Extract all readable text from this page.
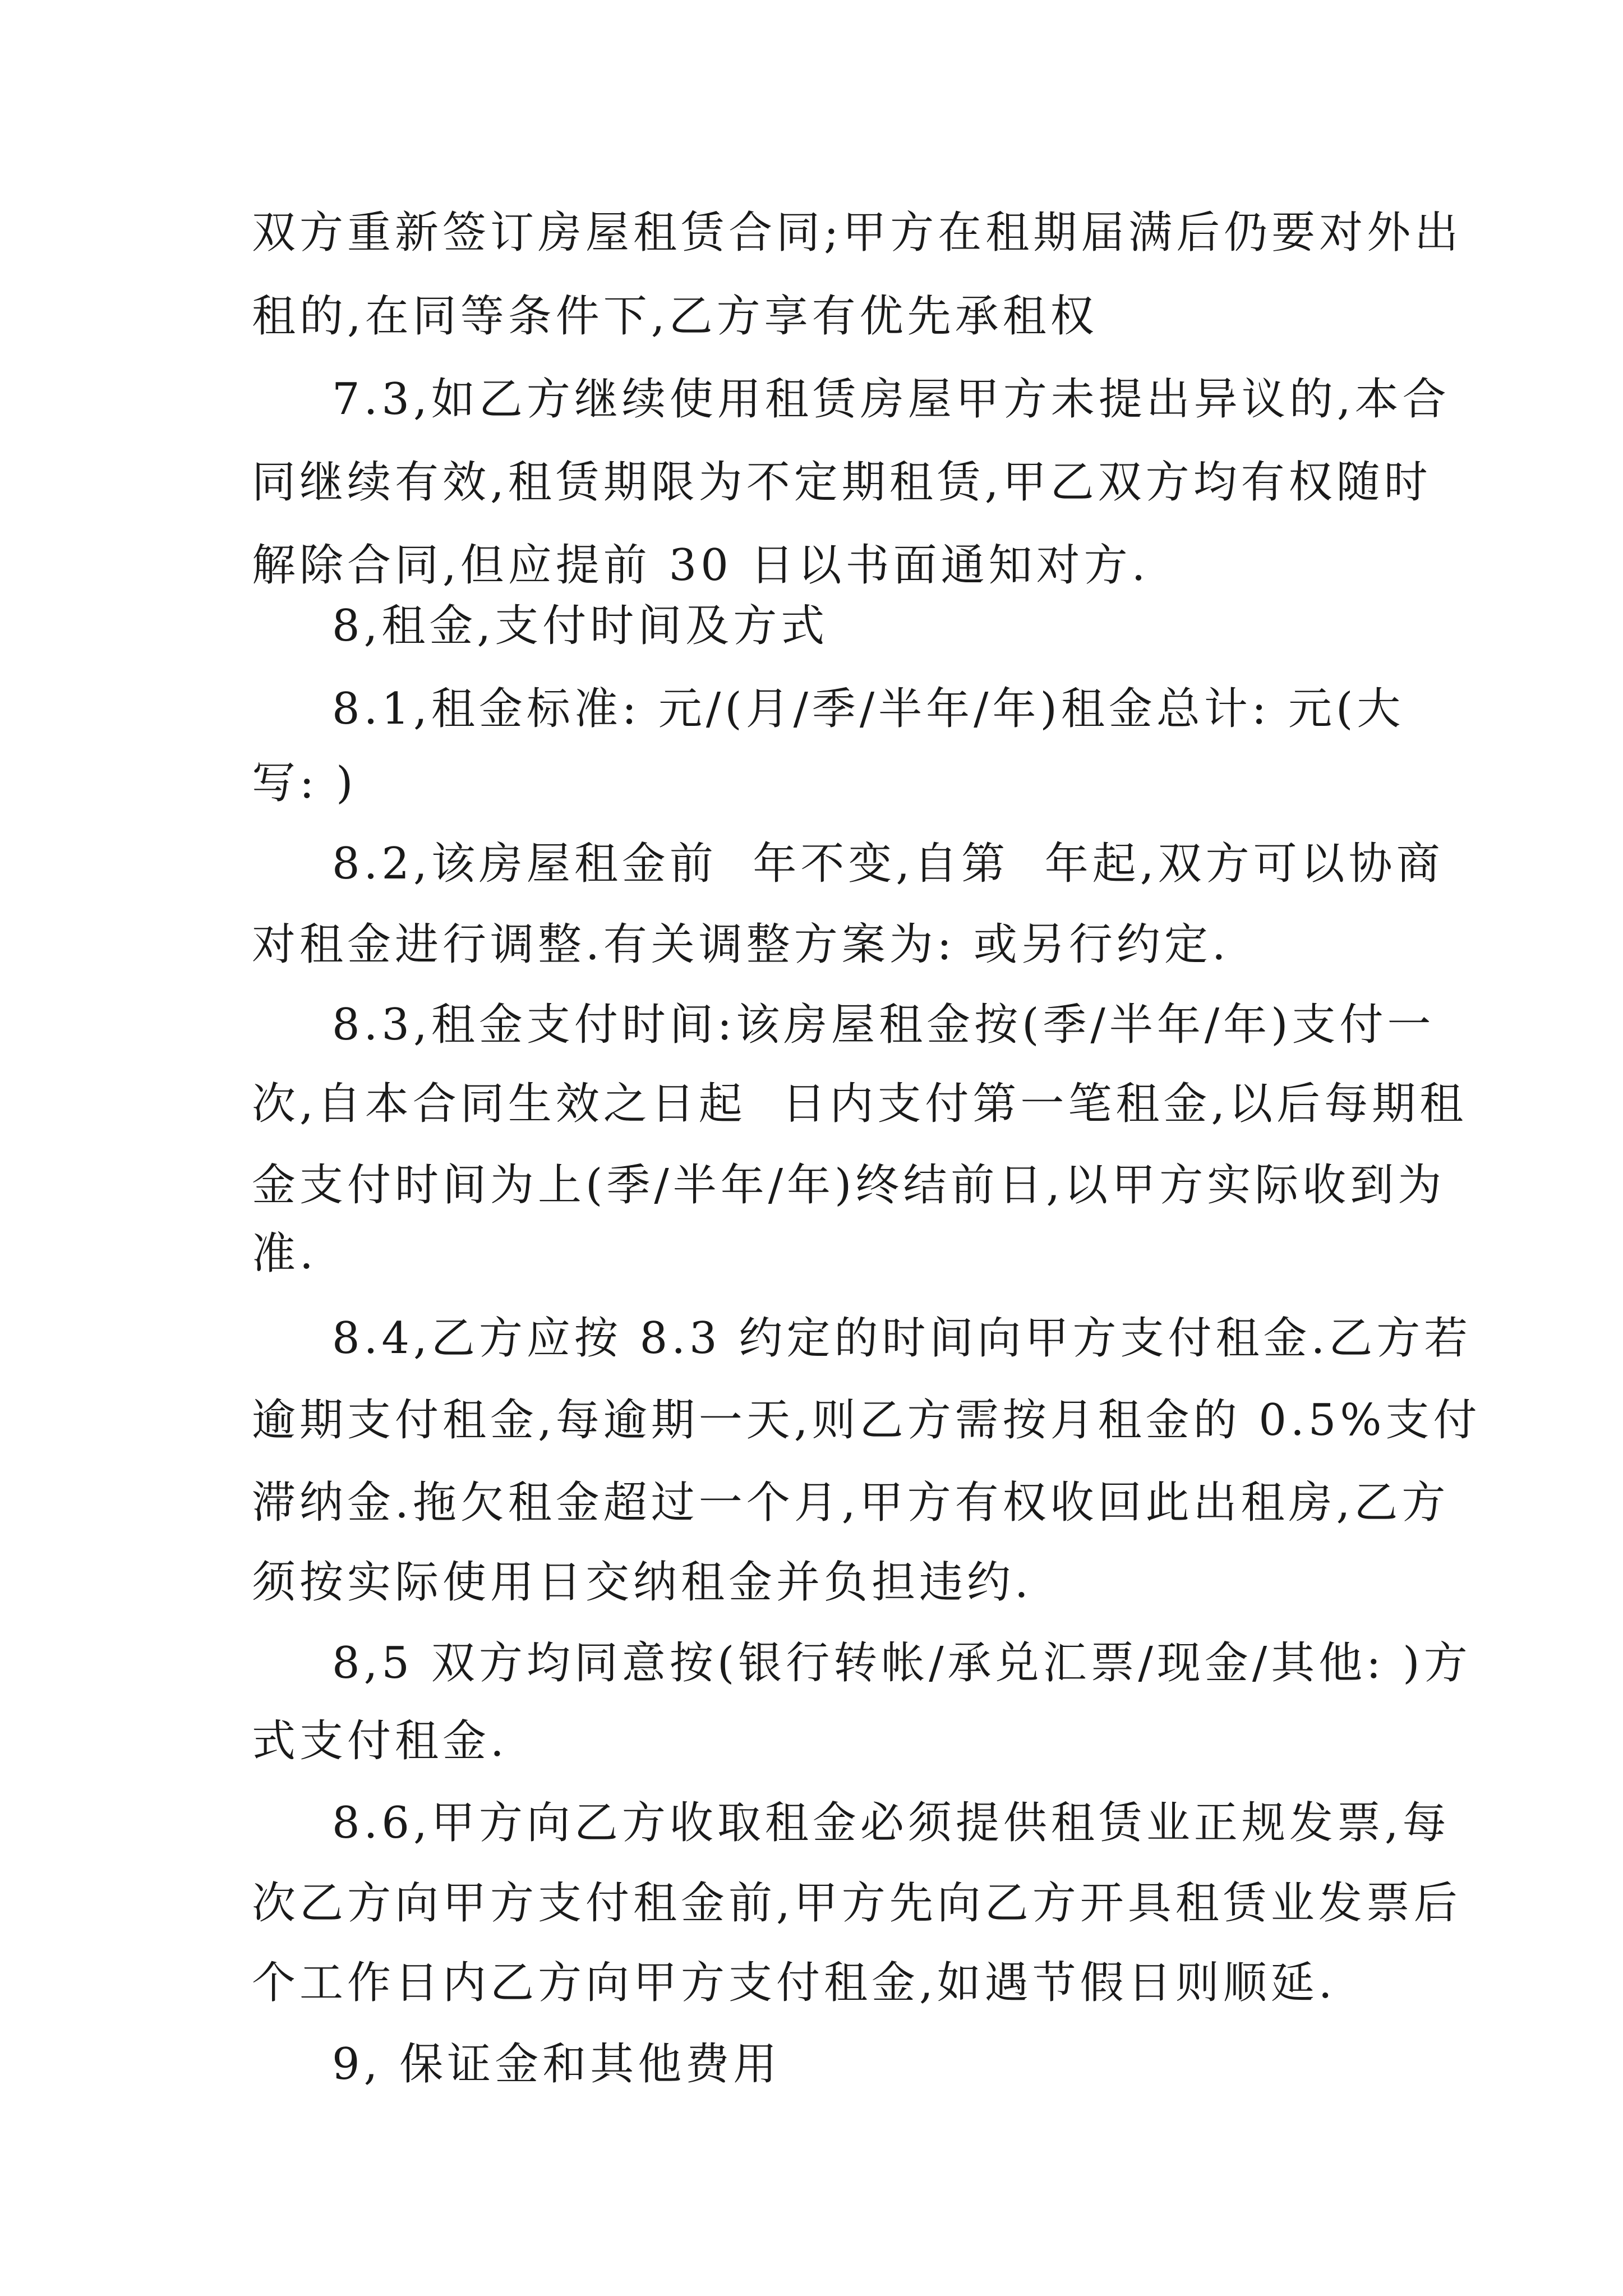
双方重新签订房屋租赁合同;甲方在租期届满后仍要对外出
租的,在同等条件下,乙方享有优先承租权
7.3,如乙方继续使用租赁房屋甲方未提出异议的,本合
同继续有效,租赁期限为不定期租赁,甲乙双方均有权随时
解除合同,但应提前 30 日以书面通知对方.
8,租金,支付时间及方式
8.1,租金标准: 元/(月/季/半年/年)租金总计: 元(大
写: )
8.2,该房屋租金前  年不变,自第  年起,双方可以协商
对租金进行调整.有关调整方案为: 或另行约定.
8.3,租金支付时间:该房屋租金按(季/半年/年)支付一
次,自本合同生效之日起  日内支付第一笔租金,以后每期租
金支付时间为上(季/半年/年)终结前日,以甲方实际收到为
准.
8.4,乙方应按 8.3 约定的时间向甲方支付租金.乙方若
逾期支付租金,每逾期一天,则乙方需按月租金的 0.5%支付
滞纳金.拖欠租金超过一个月,甲方有权收回此出租房,乙方
须按实际使用日交纳租金并负担违约.
8,5 双方均同意按(银行转帐/承兑汇票/现金/其他: )方
式支付租金.
8.6,甲方向乙方收取租金必须提供租赁业正规发票,每
次乙方向甲方支付租金前,甲方先向乙方开具租赁业发票后
个工作日内乙方向甲方支付租金,如遇节假日则顺延.
9, 保证金和其他费用
